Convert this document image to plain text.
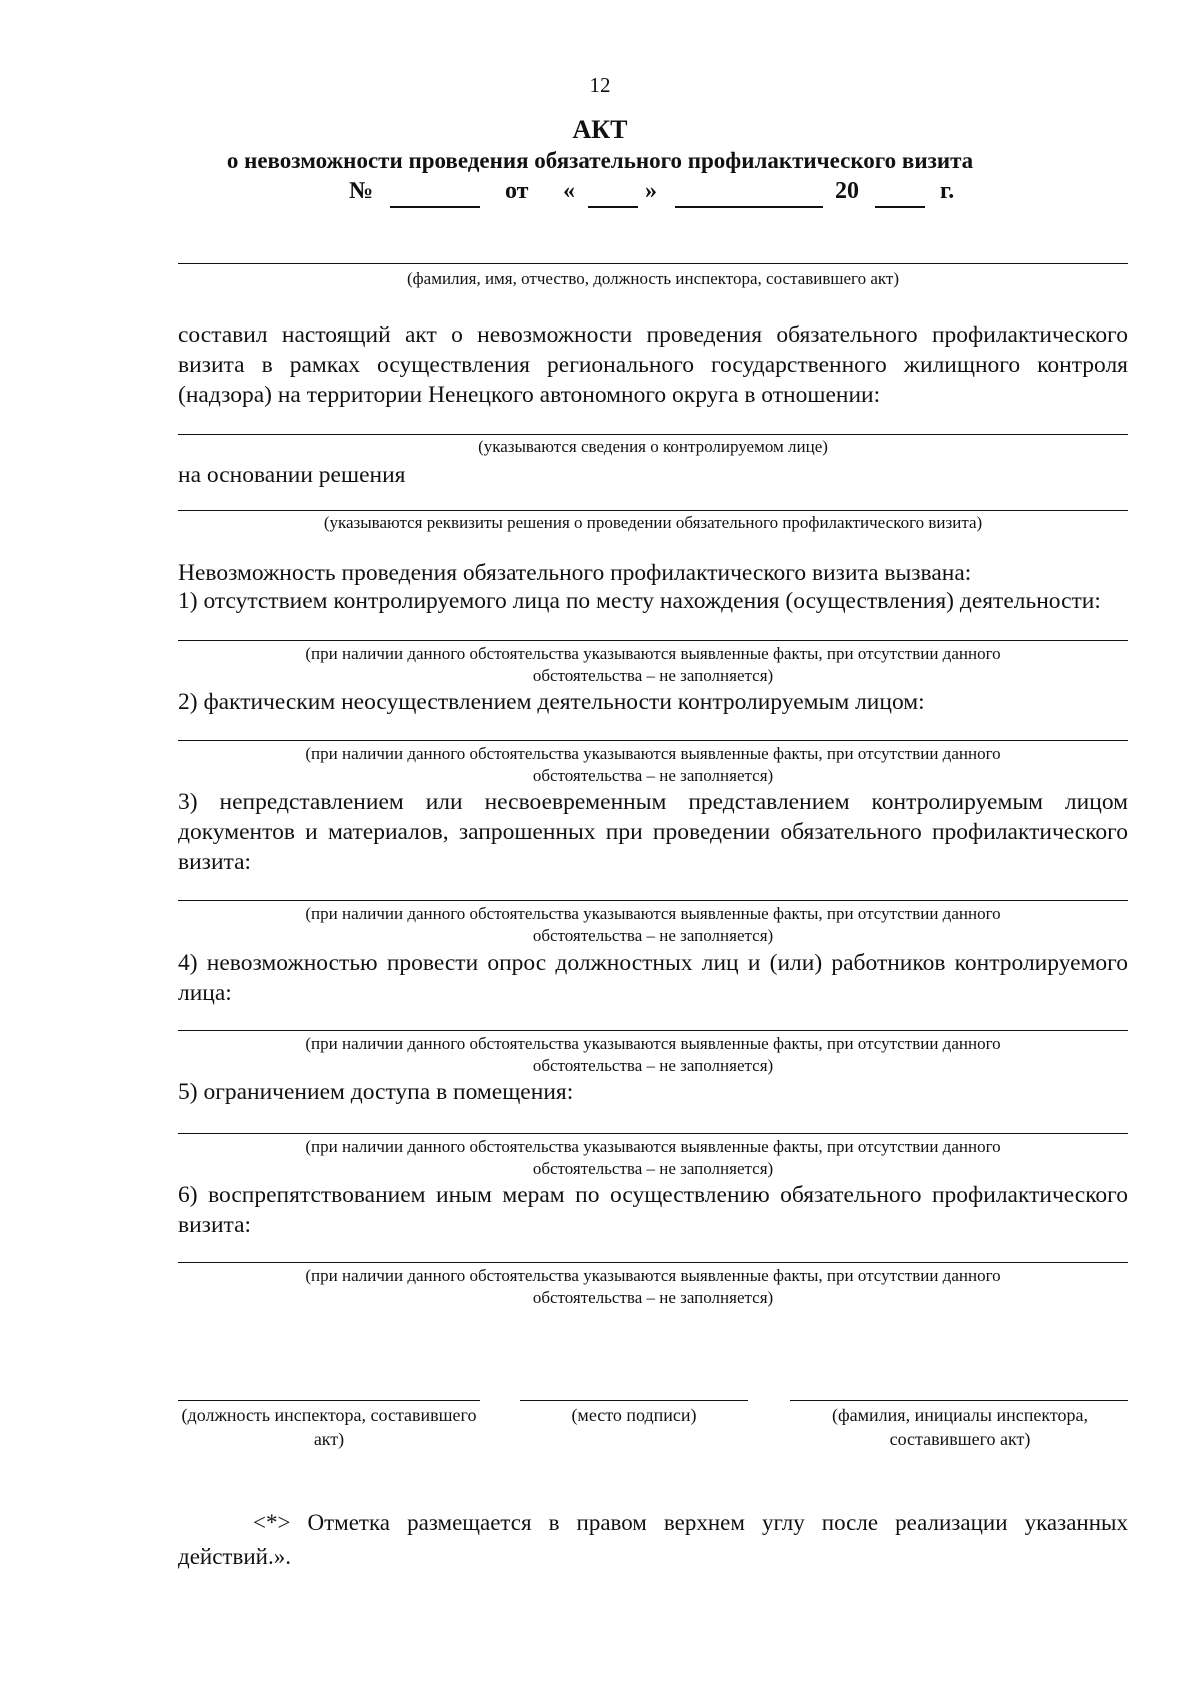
12
АКТ
о невозможности проведения обязательного профилактического визита
№	от «	»	20	г.
(фамилия, имя, отчество, должность инспектора, составившего акт)
составил настоящий акт о невозможности проведения обязательного профилактического визита в рамках осуществления регионального государственного жилищного контроля (надзора) на территории Ненецкого автономного округа в отношении:
(указываются сведения о контролируемом лице)
на основании решения
(указываются реквизиты решения о проведении обязательного профилактического визита)
Невозможность проведения обязательного профилактического визита вызвана:
1) отсутствием контролируемого лица по месту нахождения (осуществления) деятельности:
(при наличии данного обстоятельства указываются выявленные факты, при отсутствии данного
обстоятельства – не заполняется)
2) фактическим неосуществлением деятельности контролируемым лицом:
(при наличии данного обстоятельства указываются выявленные факты, при отсутствии данного
обстоятельства – не заполняется)
3) непредставлением или несвоевременным представлением контролируемым лицом документов и материалов, запрошенных при проведении обязательного профилактического визита:
(при наличии данного обстоятельства указываются выявленные факты, при отсутствии данного
обстоятельства – не заполняется)
4) невозможностью провести опрос должностных лиц и (или) работников контролируемого лица:
(при наличии данного обстоятельства указываются выявленные факты, при отсутствии данного
обстоятельства – не заполняется)
5) ограничением доступа в помещения:
(при наличии данного обстоятельства указываются выявленные факты, при отсутствии данного
обстоятельства – не заполняется)
6) воспрепятствованием иным мерам по осуществлению обязательного профилактического визита:
(при наличии данного обстоятельства указываются выявленные факты, при отсутствии данного
обстоятельства – не заполняется)
(должность инспектора, составившего акт)
(место подписи)	(фамилия, инициалы инспектора, составившего акт)
<*> Отметка размещается в правом верхнем углу после реализации указанных действий.».
